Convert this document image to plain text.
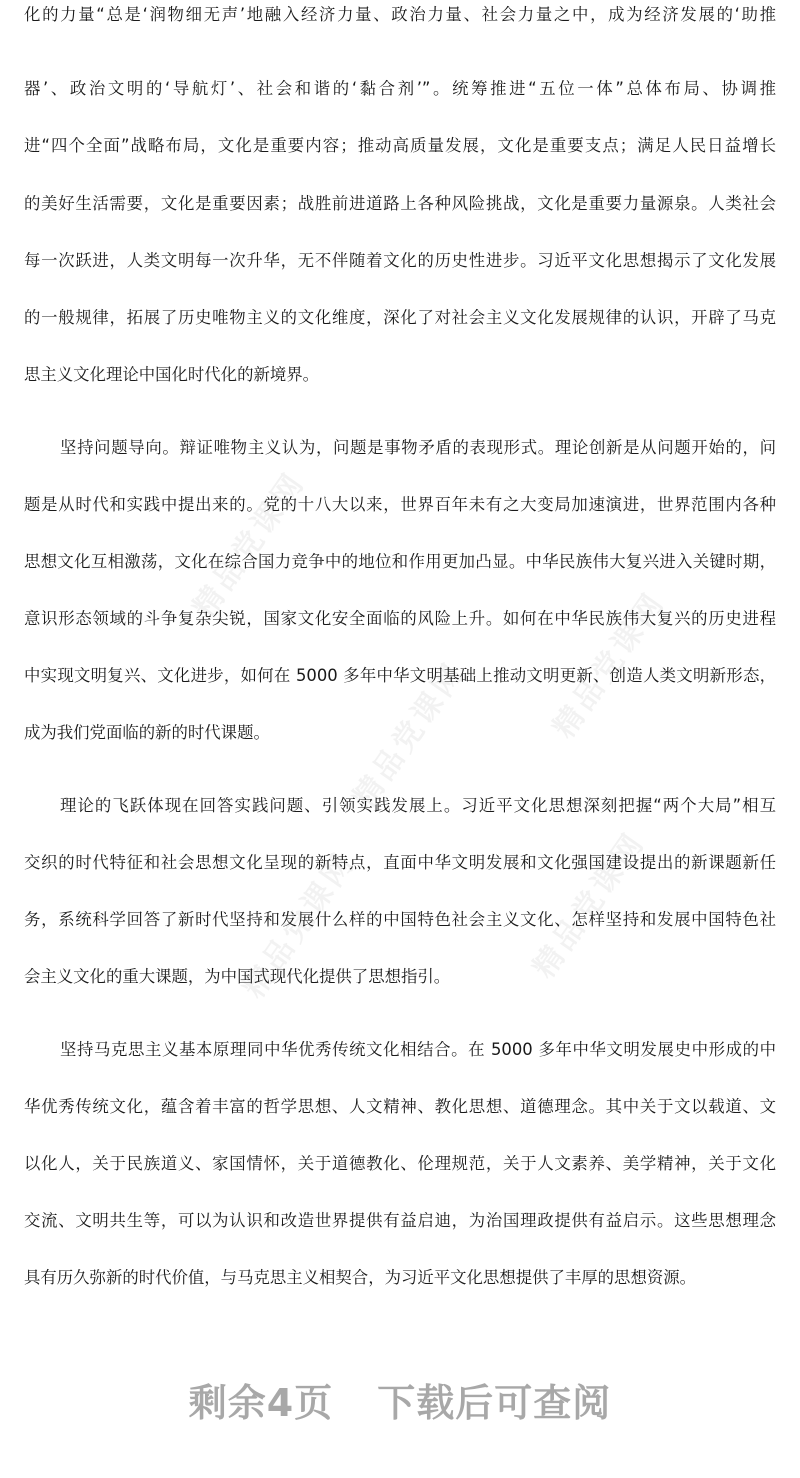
精品党课网
精品党课网 精品党课网
精品党课网	精品党课网
化的力量“总是‘润物细无声’地融入经济力量、政治力量、社会力量之中，成为经济发展的‘助推
器’、政治文明的‘导航灯’、社会和谐的‘黏合剂’”。统筹推进“五位一体”总体布局、协调推
进“四个全面”战略布局，文化是重要内容；推动高质量发展，文化是重要支点；满足人民日益增长
的美好生活需要，文化是重要因素；战胜前进道路上各种风险挑战，文化是重要力量源泉。人类社会
每一次跃进，人类文明每一次升华，无不伴随着文化的历史性进步。习近平文化思想揭示了文化发展
的一般规律，拓展了历史唯物主义的文化维度，深化了对社会主义文化发展规律的认识，开辟了马克
思主义文化理论中国化时代化的新境界。
坚持问题导向。辩证唯物主义认为，问题是事物矛盾的表现形式。理论创新是从问题开始的，问
题是从时代和实践中提出来的。党的十八大以来，世界百年未有之大变局加速演进，世界范围内各种
思想文化互相激荡，文化在综合国力竞争中的地位和作用更加凸显。中华民族伟大复兴进入关键时期，
意识形态领域的斗争复杂尖锐，国家文化安全面临的风险上升。如何在中华民族伟大复兴的历史进程
中实现文明复兴、文化进步，如何在 5000 多年中华文明基础上推动文明更新、创造人类文明新形态，
成为我们党面临的新的时代课题。
理论的飞跃体现在回答实践问题、引领实践发展上。习近平文化思想深刻把握“两个大局”相互
交织的时代特征和社会思想文化呈现的新特点，直面中华文明发展和文化强国建设提出的新课题新任
务，系统科学回答了新时代坚持和发展什么样的中国特色社会主义文化、怎样坚持和发展中国特色社
会主义文化的重大课题，为中国式现代化提供了思想指引。
坚持马克思主义基本原理同中华优秀传统文化相结合。在 5000 多年中华文明发展史中形成的中
华优秀传统文化，蕴含着丰富的哲学思想、人文精神、教化思想、道德理念。其中关于文以载道、文
以化人，关于民族道义、家国情怀，关于道德教化、伦理规范，关于人文素养、美学精神，关于文化
交流、文明共生等，可以为认识和改造世界提供有益启迪，为治国理政提供有益启示。这些思想理念
具有历久弥新的时代价值，与马克思主义相契合，为习近平文化思想提供了丰厚的思想资源。
剩余4页 下载后可查阅
